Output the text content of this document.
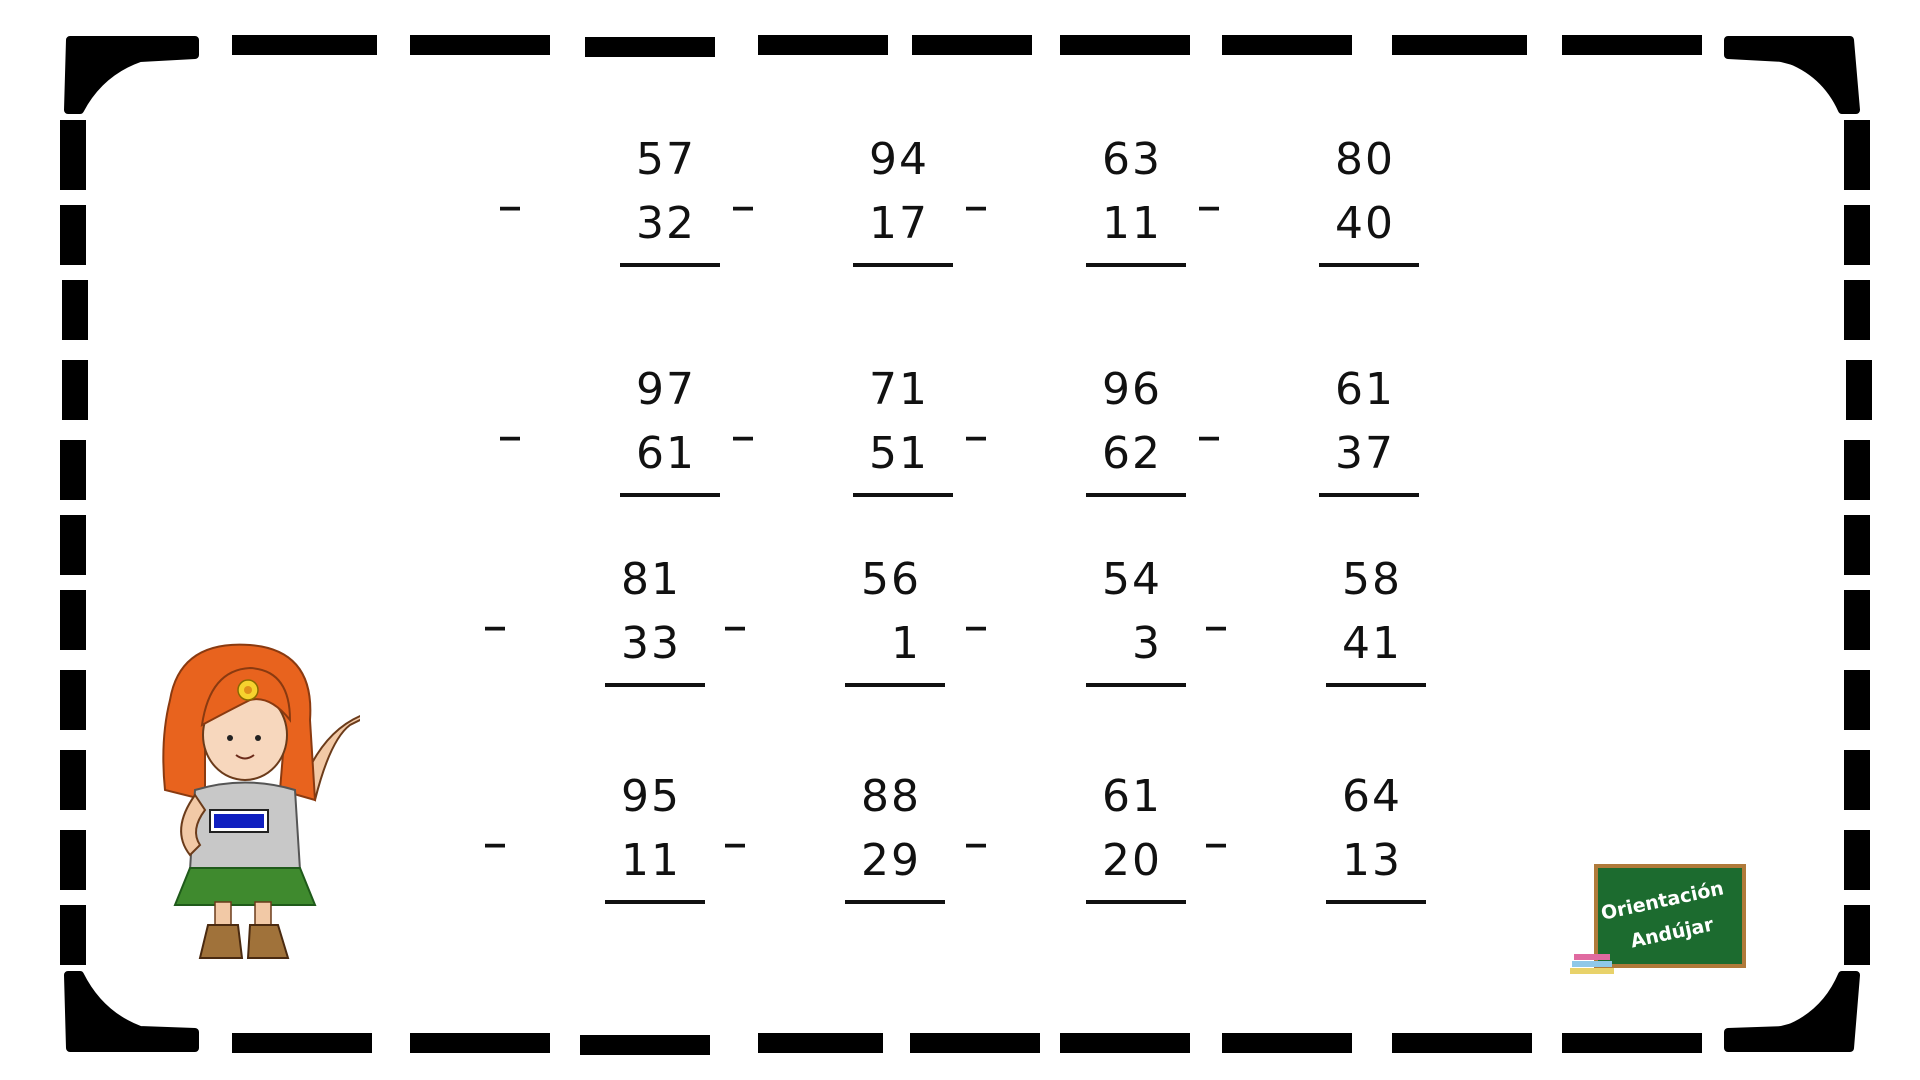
_
57
32
_
94
17
_
63
11
_
80
40
_
97
61
_
71
51
_
96
62
_
61
37
_
81
33
_
56
1
_
54
3
_
58
41
_
95
11
_
88
29
_
61
20
_
64
13
Orientación
Andújar
